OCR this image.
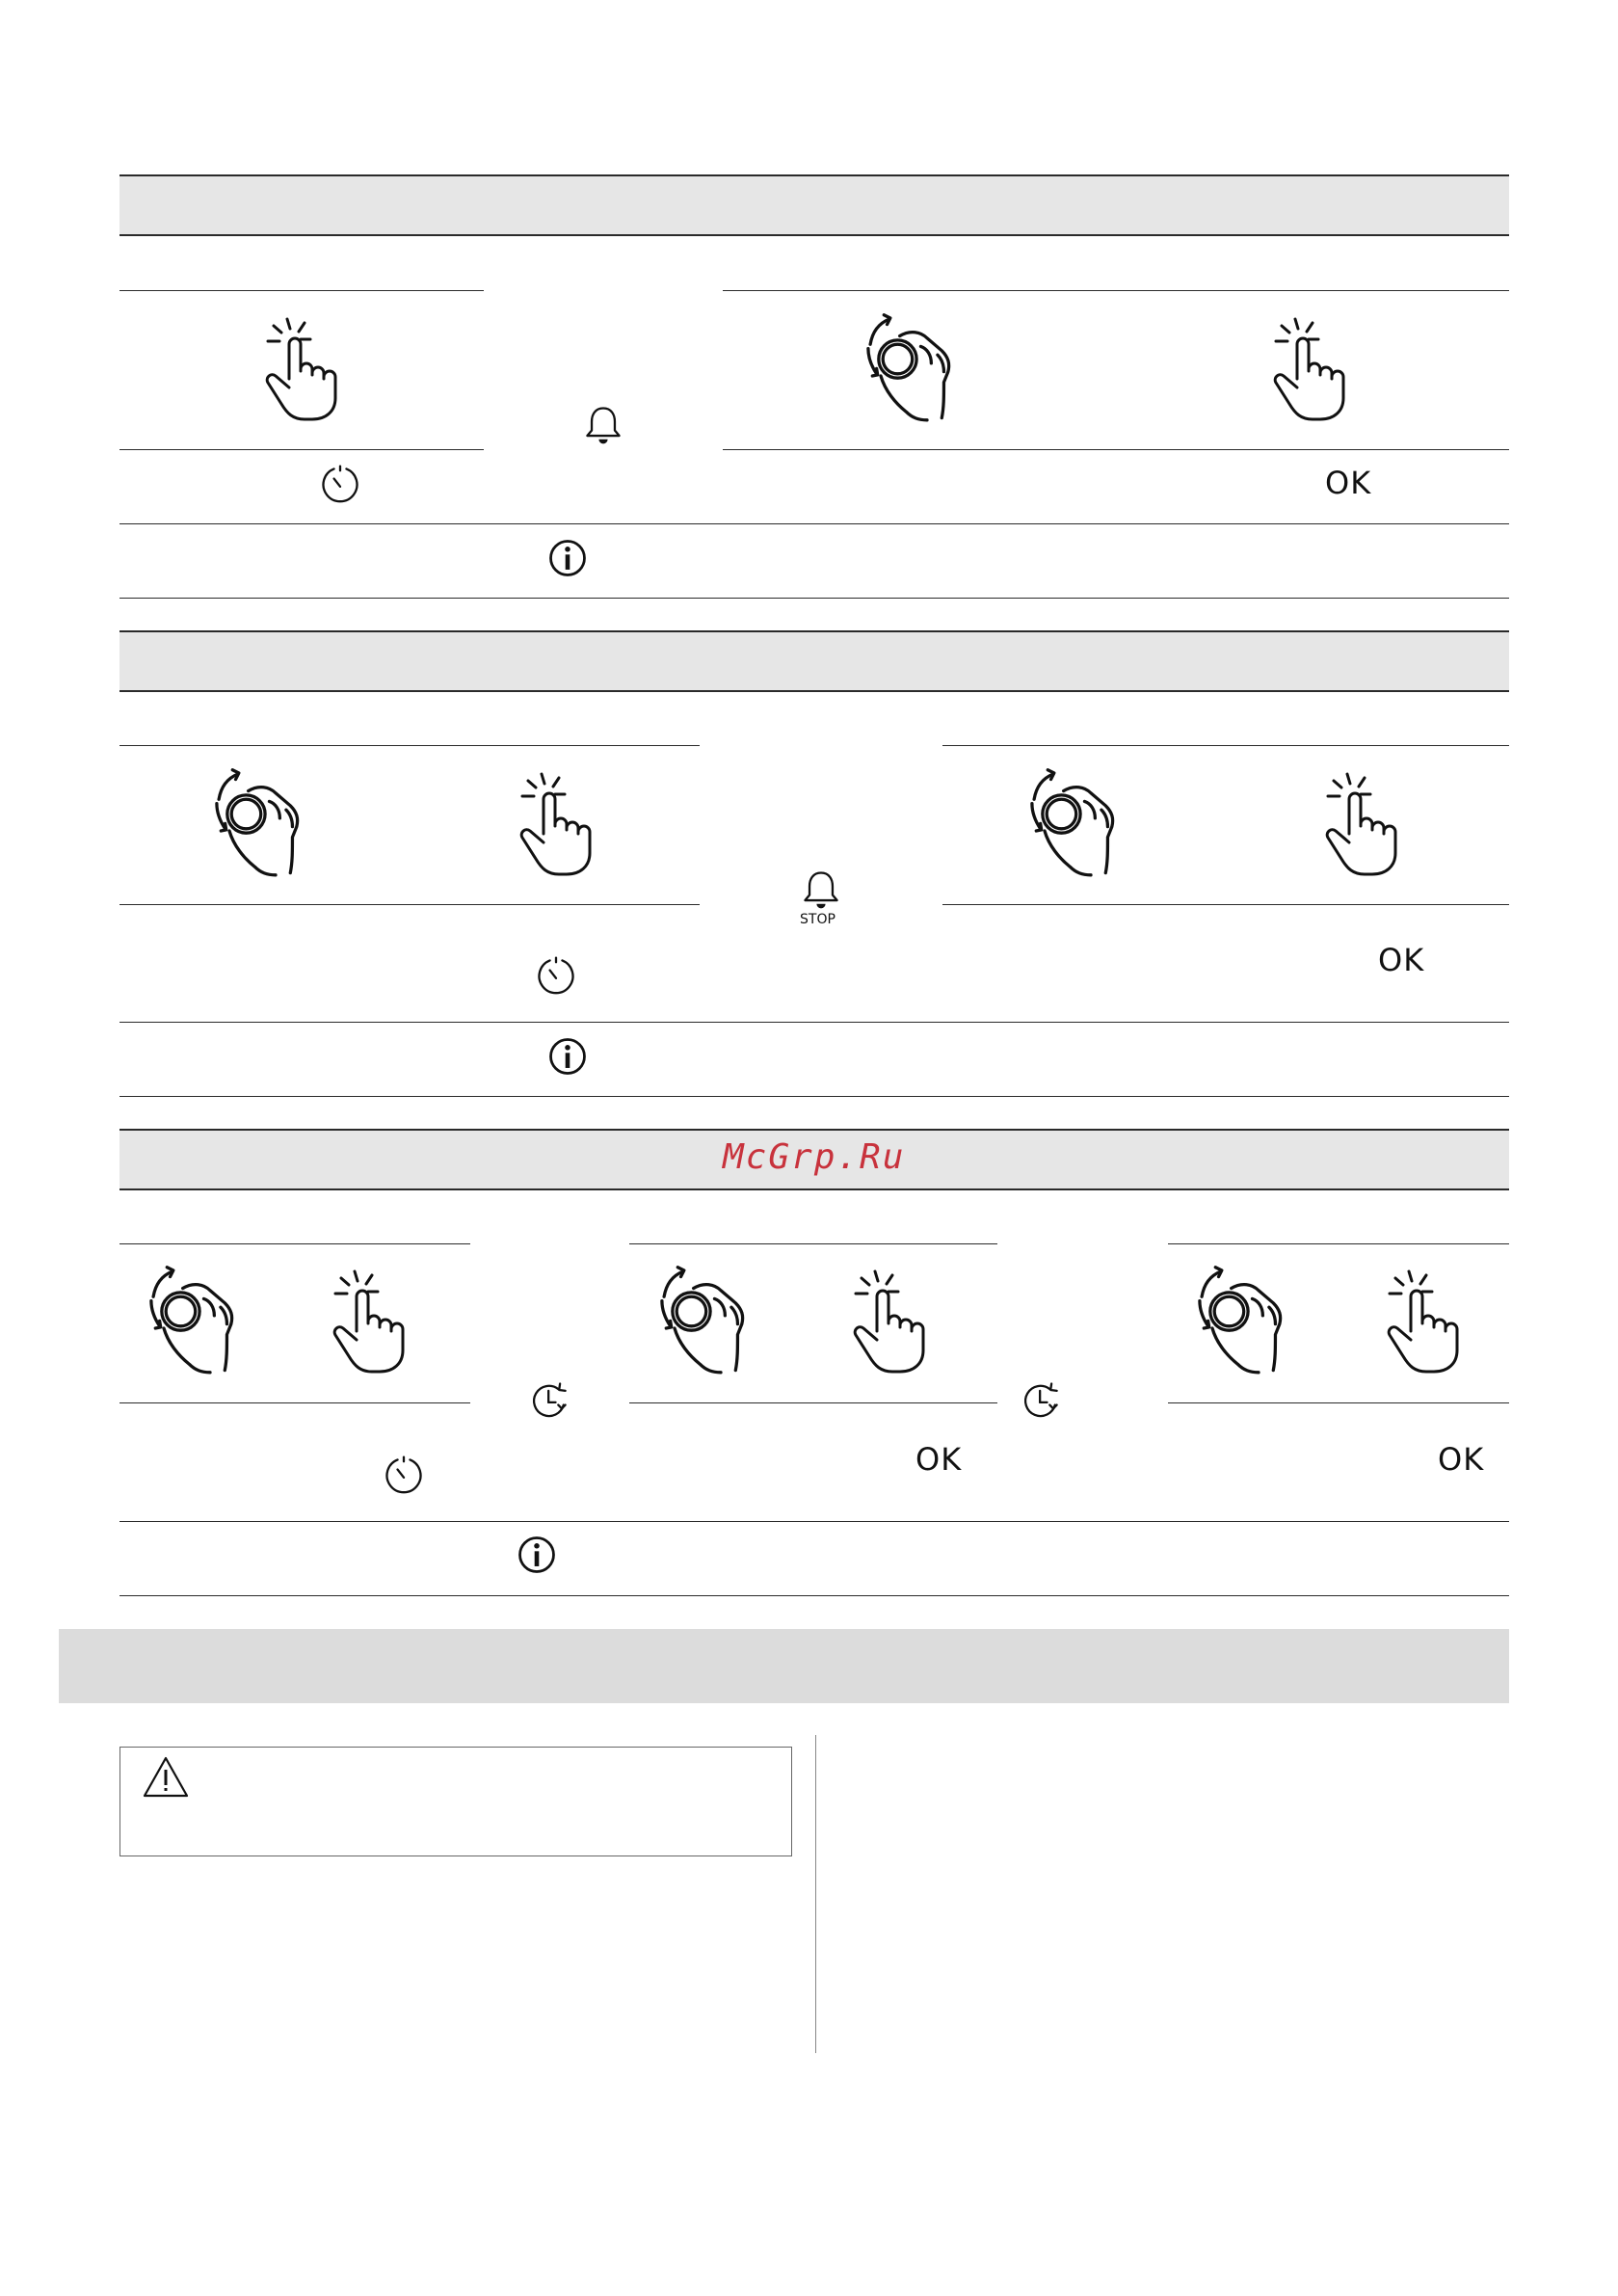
OK
STOP
OK
McGrp.Ru
OK	OK
